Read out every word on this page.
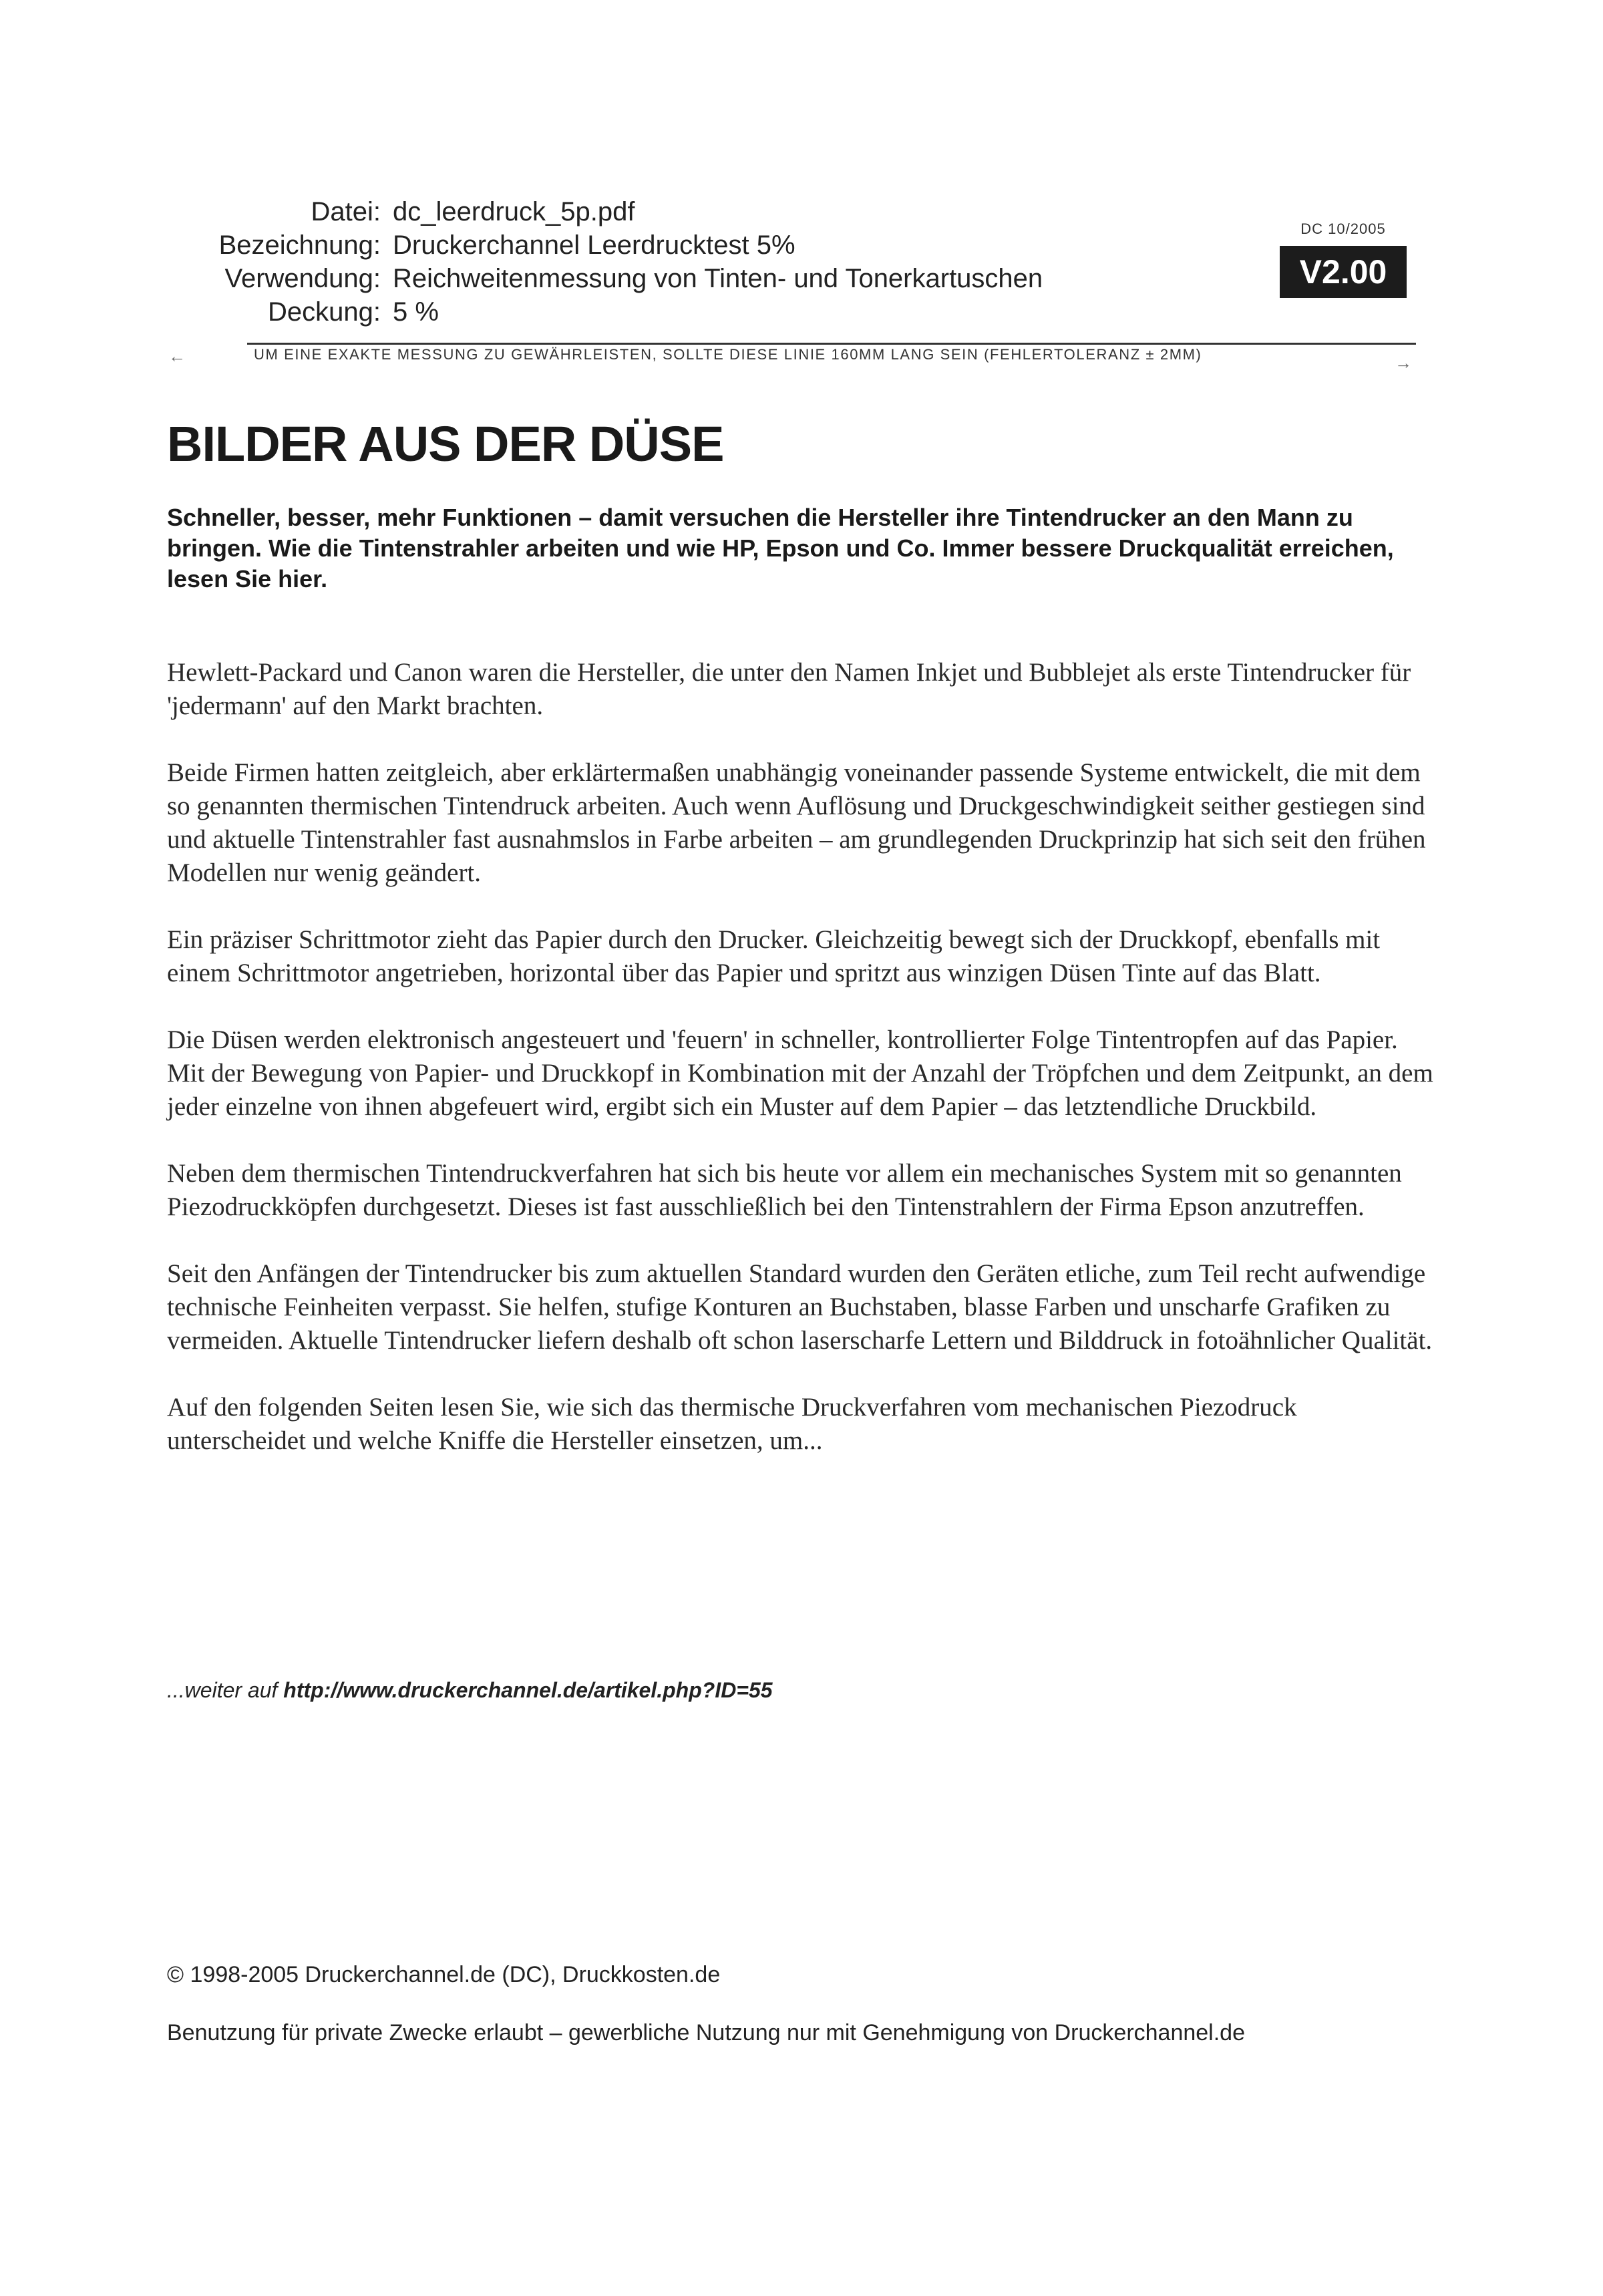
Datei: dc_leerdruck_5p.pdf
Bezeichnung: Druckerchannel Leerdrucktest 5%
Verwendung: Reichweitenmessung von Tinten- und Tonerkartuschen
Deckung: 5 %
DC 10/2005
V2.00
←	→
UM EINE EXAKTE MESSUNG ZU GEWÄHRLEISTEN, SOLLTE DIESE LINIE 160MM LANG SEIN (FEHLERTOLERANZ ± 2MM)
BILDER AUS DER DÜSE
Schneller, besser, mehr Funktionen – damit versuchen die Hersteller ihre Tintendrucker an den Mann zu bringen. Wie die Tintenstrahler arbeiten und wie HP, Epson und Co. Immer bessere Druckqualität erreichen, lesen Sie hier.

Hewlett-Packard und Canon waren die Hersteller, die unter den Namen Inkjet und Bubblejet als erste Tintendrucker für 'jedermann' auf den Markt brachten.

Beide Firmen hatten zeitgleich, aber erklärtermaßen unabhängig voneinander passende Systeme entwickelt, die mit dem so genannten thermischen Tintendruck arbeiten. Auch wenn Auflösung und Druckgeschwindigkeit seither gestiegen sind und aktuelle Tintenstrahler fast ausnahmslos in Farbe arbeiten – am grundlegenden Druckprinzip hat sich seit den frühen Modellen nur wenig geändert.

Ein präziser Schrittmotor zieht das Papier durch den Drucker. Gleichzeitig bewegt sich der Druckkopf, ebenfalls mit einem Schrittmotor angetrieben, horizontal über das Papier und spritzt aus winzigen Düsen Tinte auf das Blatt.

Die Düsen werden elektronisch angesteuert und 'feuern' in schneller, kontrollierter Folge Tintentropfen auf das Papier. Mit der Bewegung von Papier- und Druckkopf in Kombination mit der Anzahl der Tröpfchen und dem Zeitpunkt, an dem jeder einzelne von ihnen abgefeuert wird, ergibt sich ein Muster auf dem Papier – das letztendliche Druckbild.

Neben dem thermischen Tintendruckverfahren hat sich bis heute vor allem ein mechanisches System mit so genannten Piezodruckköpfen durchgesetzt. Dieses ist fast ausschließlich bei den Tintenstrahlern der Firma Epson anzutreffen.

Seit den Anfängen der Tintendrucker bis zum aktuellen Standard wurden den Geräten etliche, zum Teil recht aufwendige technische Feinheiten verpasst. Sie helfen, stufige Konturen an Buchstaben, blasse Farben und unscharfe Grafiken zu vermeiden. Aktuelle Tintendrucker liefern deshalb oft schon laserscharfe Lettern und Bilddruck in fotoähnlicher Qualität.

Auf den folgenden Seiten lesen Sie, wie sich das thermische Druckverfahren vom mechanischen Piezodruck unterscheidet und welche Kniffe die Hersteller einsetzen, um...

...weiter auf http://www.druckerchannel.de/artikel.php?ID=55
© 1998-2005 Druckerchannel.de (DC), Druckkosten.de
Benutzung für private Zwecke erlaubt – gewerbliche Nutzung nur mit Genehmigung von Druckerchannel.de
